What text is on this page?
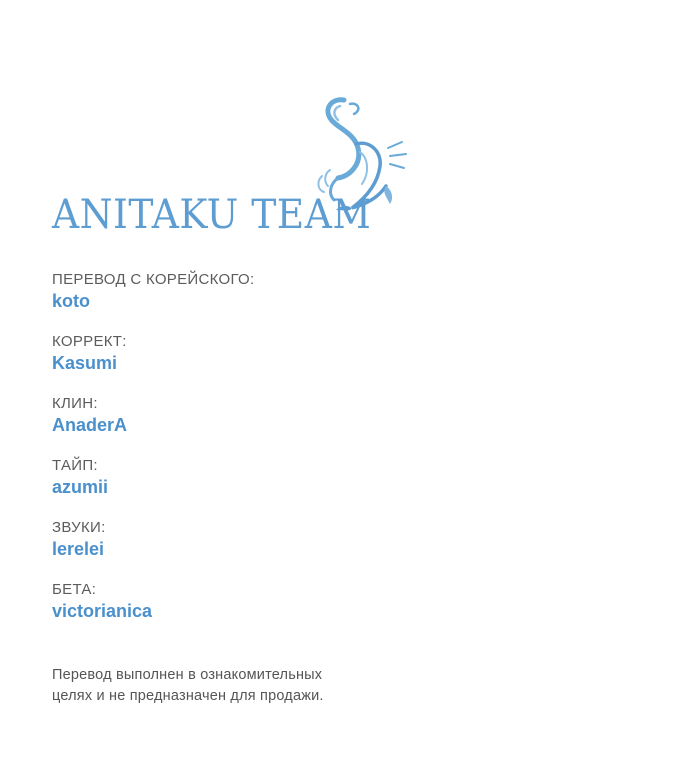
ANITAKU TEAM
ПЕРЕВОД С КОРЕЙСКОГО:
koto
КОРРЕКТ:
Kasumi
КЛИН:
AnaderA
ТАЙП:
azumii
ЗВУКИ:
lerelei
БЕТА:
victorianica
Перевод выполнен в ознакомительных
целях и не предназначен для продажи.
